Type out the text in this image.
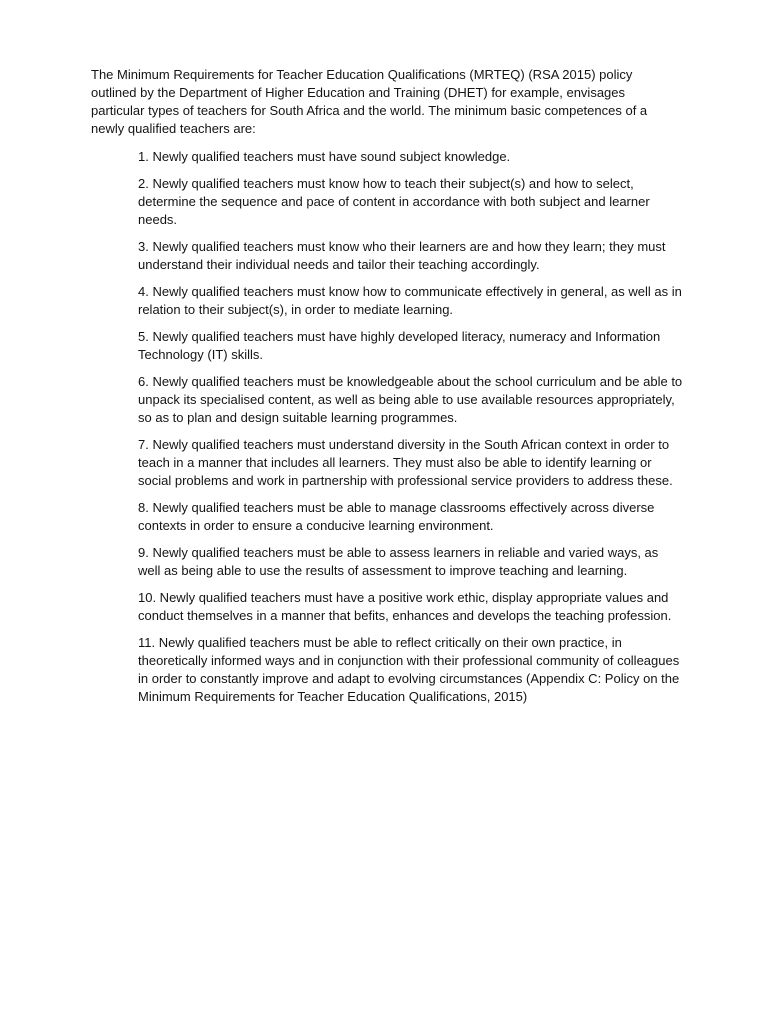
The Minimum Requirements for Teacher Education Qualifications (MRTEQ) (RSA 2015) policy outlined by the Department of Higher Education and Training (DHET) for example, envisages particular types of teachers for South Africa and the world. The minimum basic competences of a newly qualified teachers are:

1. Newly qualified teachers must have sound subject knowledge.
2. Newly qualified teachers must know how to teach their subject(s) and how to select, determine the sequence and pace of content in accordance with both subject and learner needs.
3. Newly qualified teachers must know who their learners are and how they learn; they must understand their individual needs and tailor their teaching accordingly.
4. Newly qualified teachers must know how to communicate effectively in general, as well as in relation to their subject(s), in order to mediate learning.
5. Newly qualified teachers must have highly developed literacy, numeracy and Information Technology (IT) skills.
6. Newly qualified teachers must be knowledgeable about the school curriculum and be able to unpack its specialised content, as well as being able to use available resources appropriately, so as to plan and design suitable learning programmes.
7. Newly qualified teachers must understand diversity in the South African context in order to teach in a manner that includes all learners. They must also be able to identify learning or social problems and work in partnership with professional service providers to address these.
8. Newly qualified teachers must be able to manage classrooms effectively across diverse contexts in order to ensure a conducive learning environment.
9. Newly qualified teachers must be able to assess learners in reliable and varied ways, as well as being able to use the results of assessment to improve teaching and learning.
10. Newly qualified teachers must have a positive work ethic, display appropriate values and conduct themselves in a manner that befits, enhances and develops the teaching profession.
11. Newly qualified teachers must be able to reflect critically on their own practice, in theoretically informed ways and in conjunction with their professional community of colleagues in order to constantly improve and adapt to evolving circumstances (Appendix C: Policy on the Minimum Requirements for Teacher Education Qualifications, 2015)
